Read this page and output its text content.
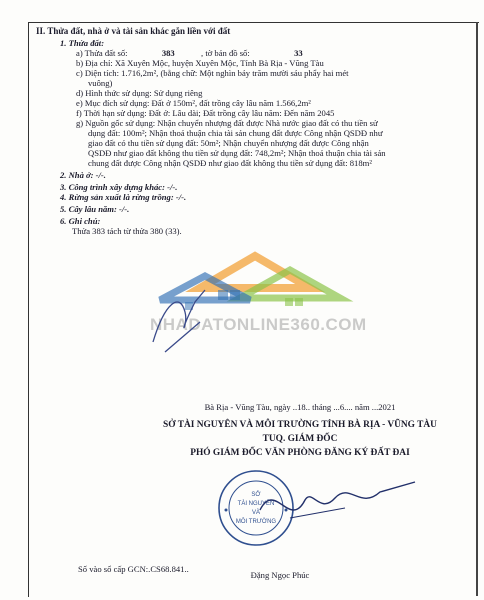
II. Thửa đất, nhà ở và tài sản khác gắn liền với đất
1. Thửa đất:
a) Thửa đất số:	383	, tờ bản đồ số:	33
b) Địa chỉ: Xã Xuyên Mộc, huyện Xuyên Mộc, Tỉnh Bà Rịa - Vũng Tàu
c) Diện tích: 1.716,2m², (bằng chữ: Một nghìn bảy trăm mười sáu phẩy hai mét
vuông)
d) Hình thức sử dụng: Sử dụng riêng
e) Mục đích sử dụng: Đất ở 150m², đất trồng cây lâu năm 1.566,2m²
f) Thời hạn sử dụng: Đất ở: Lâu dài; Đất trồng cây lâu năm: Đến năm 2045
g) Nguồn gốc sử dụng: Nhận chuyển nhượng đất được Nhà nước giao đất có thu tiền sử
dụng đất: 100m²; Nhận thoả thuận chia tài sản chung đất được Công nhận QSDĐ như
giao đất có thu tiền sử dụng đất: 50m²; Nhận chuyển nhượng đất được Công nhận
QSDĐ như giao đất không thu tiền sử dụng đất: 748,2m²; Nhận thoả thuận chia tài sản
chung đất được Công nhận QSDĐ như giao đất không thu tiền sử dụng đất: 818m²
2. Nhà ở: -/-.
3. Công trình xây dựng khác: -/-.
4. Rừng sản xuất là rừng trồng: -/-.
5. Cây lâu năm: -/-.
6. Ghi chú:
Thửa 383 tách từ thửa 380 (33).
NHADATONLINE360.COM
Bà Rịa - Vũng Tàu, ngày ..18.. tháng ...6.... năm ...2021
SỞ TÀI NGUYÊN VÀ MÔI TRƯỜNG TỈNH BÀ RỊA - VŨNG TÀU
TUQ. GIÁM ĐỐC
PHÓ GIÁM ĐỐC VĂN PHÒNG ĐĂNG KÝ ĐẤT ĐAI
SỞ
TÀI NGUYÊN
VÀ
MÔI TRƯỜNG
Đặng Ngọc Phúc
Số vào sổ cấp GCN:.CS68.841..
